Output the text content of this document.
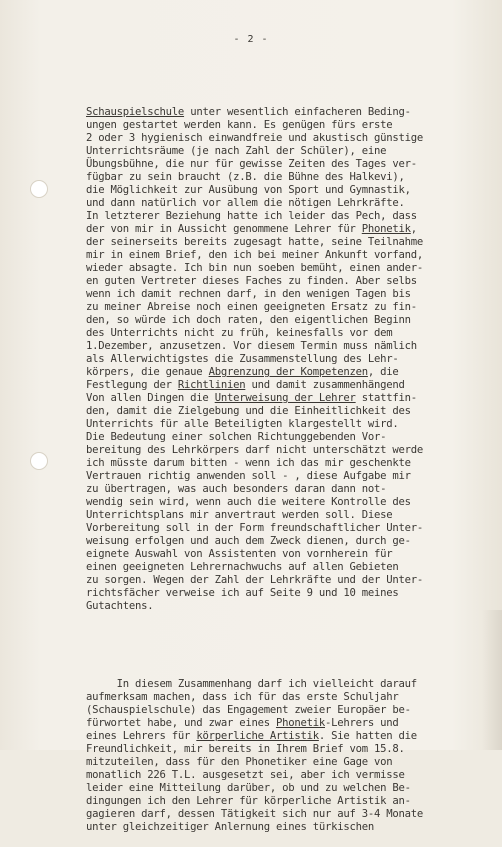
- 2 -

Schauspielschule unter wesentlich einfacheren Beding-
ungen gestartet werden kann. Es genügen fürs erste
2 oder 3 hygienisch einwandfreie und akustisch günstige
Unterrichtsräume (je nach Zahl der Schüler), eine
Übungsbühne, die nur für gewisse Zeiten des Tages ver-
fügbar zu sein braucht (z.B. die Bühne des Halkevi),
die Möglichkeit zur Ausübung von Sport und Gymnastik,
und dann natürlich vor allem die nötigen Lehrkräfte.
In letzterer Beziehung hatte ich leider das Pech, dass
der von mir in Aussicht genommene Lehrer für Phonetik,
der seinerseits bereits zugesagt hatte, seine Teilnahme
mir in einem Brief, den ich bei meiner Ankunft vorfand,
wieder absagte. Ich bin nun soeben bemüht, einen ander-
en guten Vertreter dieses Faches zu finden. Aber selbs
wenn ich damit rechnen darf, in den wenigen Tagen bis
zu meiner Abreise noch einen geeigneten Ersatz zu fin-
den, so würde ich doch raten, den eigentlichen Beginn
des Unterrichts nicht zu früh, keinesfalls vor dem
1.Dezember, anzusetzen. Vor diesem Termin muss nämlich
als Allerwichtigstes die Zusammenstellung des Lehr-
körpers, die genaue Abgrenzung der Kompetenzen, die
Festlegung der Richtlinien und damit zusammenhängend
Von allen Dingen die Unterweisung der Lehrer stattfin-
den, damit die Zielgebung und die Einheitlichkeit des
Unterrichts für alle Beteiligten klargestellt wird.
Die Bedeutung einer solchen Richtunggebenden Vor-
bereitung des Lehrkörpers darf nicht unterschätzt werde
ich müsste darum bitten - wenn ich das mir geschenkte
Vertrauen richtig anwenden soll - , diese Aufgabe mir
zu übertragen, was auch besonders daran dann not-
wendig sein wird, wenn auch die weitere Kontrolle des
Unterrichtsplans mir anvertraut werden soll. Diese
Vorbereitung soll in der Form freundschaftlicher Unter-
weisung erfolgen und auch dem Zweck dienen, durch ge-
eignete Auswahl von Assistenten von vornherein für
einen geeigneten Lehrernachwuchs auf allen Gebieten
zu sorgen. Wegen der Zahl der Lehrkräfte und der Unter-
richtsfächer verweise ich auf Seite 9 und 10 meines
Gutachtens.

In diesem Zusammenhang darf ich vielleicht darauf
aufmerksam machen, dass ich für das erste Schuljahr
(Schauspielschule) das Engagement zweier Europäer be-
fürwortet habe, und zwar eines Phonetik-Lehrers und
eines Lehrers für körperliche Artistik. Sie hatten die
Freundlichkeit, mir bereits in Ihrem Brief vom 15.8.
mitzuteilen, dass für den Phonetiker eine Gage von
monatlich 226 T.L. ausgesetzt sei, aber ich vermisse
leider eine Mitteilung darüber, ob und zu welchen Be-
dingungen ich den Lehrer für körperliche Artistik an-
gagieren darf, dessen Tätigkeit sich nur auf 3-4 Monate
unter gleichzeitiger Anlernung eines türkischen
